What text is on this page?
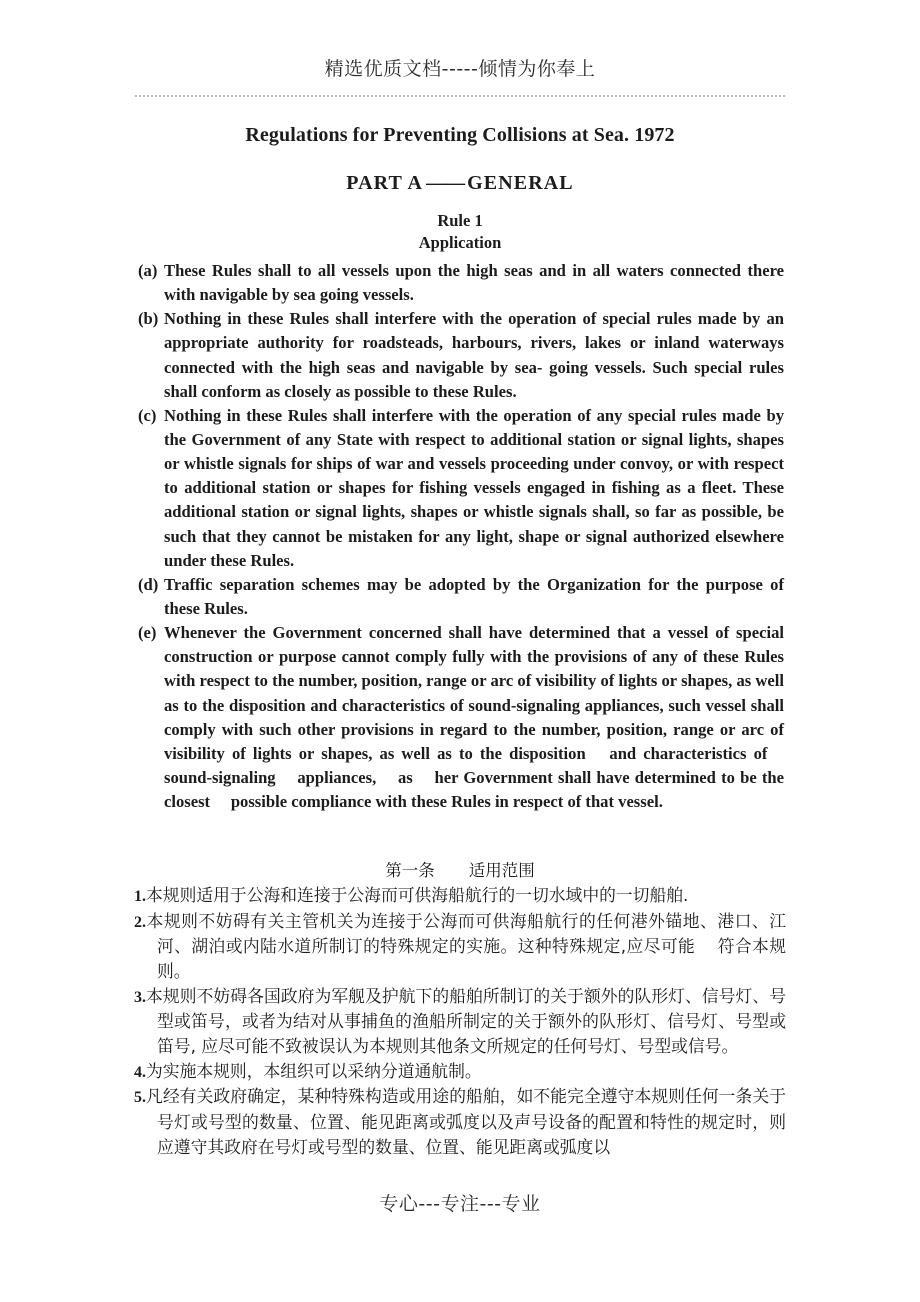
精选优质文档-----倾情为你奉上
Regulations for Preventing Collisions at Sea. 1972
PART A —— GENERAL
Rule 1
Application

(a) These Rules shall to all vessels upon the high seas and in all waters connected there with navigable by sea going vessels.

(b) Nothing in these Rules shall interfere with the operation of special rules made by an appropriate authority for roadsteads, harbours, rivers, lakes or inland waterways connected with the high seas and navigable by sea- going vessels. Such special rules shall conform as closely as possible to these Rules.

(c) Nothing in these Rules shall interfere with the operation of any special rules made by the Government of any State with respect to additional station or signal lights, shapes or whistle signals for ships of war and vessels proceeding under convoy, or with respect to additional station or shapes for fishing vessels engaged in fishing as a fleet. These additional station or signal lights, shapes or whistle signals shall, so far as possible, be such that they cannot be mistaken for any light, shape or signal authorized elsewhere under these Rules.

(d) Traffic separation schemes may be adopted by the Organization for the purpose of these Rules.

(e) Whenever the Government concerned shall have determined that a vessel of special construction or purpose cannot comply fully with the provisions of any of these Rules with respect to the number, position, range or arc of visibility of lights or shapes, as well as to the disposition and characteristics of sound-signaling appliances, such vessel shall comply with such other provisions in regard to the number, position, range or arc of visibility of lights or shapes, as well as to the disposition  and characteristics of  sound-signaling  appliances,  as  her Government shall have determined to be the closest  possible compliance with these Rules in respect of that vessel.

第一条 适用范围
1.本规则适用于公海和连接于公海而可供海船航行的一切水域中的一切船舶.
2.本规则不妨碍有关主管机关为连接于公海而可供海船航行的任何港外锚地、港口、江河、湖泊或内陆水道所制订的特殊规定的实施。这种特殊规定,应尽可能  符合本规则。
3.本规则不妨碍各国政府为军舰及护航下的船舶所制订的关于额外的队形灯、信号灯、号型或笛号，或者为结对从事捕鱼的渔船所制定的关于额外的队形灯、信号灯、号型或笛号, 应尽可能不致被误认为本规则其他条文所规定的任何号灯、号型或信号。
4.为实施本规则，本组织可以采纳分道通航制。
5.凡经有关政府确定，某种特殊构造或用途的船舶，如不能完全遵守本规则任何一条关于号灯或号型的数量、位置、能见距离或弧度以及声号设备的配置和特性的规定时，则应遵守其政府在号灯或号型的数量、位置、能见距离或弧度以
专心---专注---专业
